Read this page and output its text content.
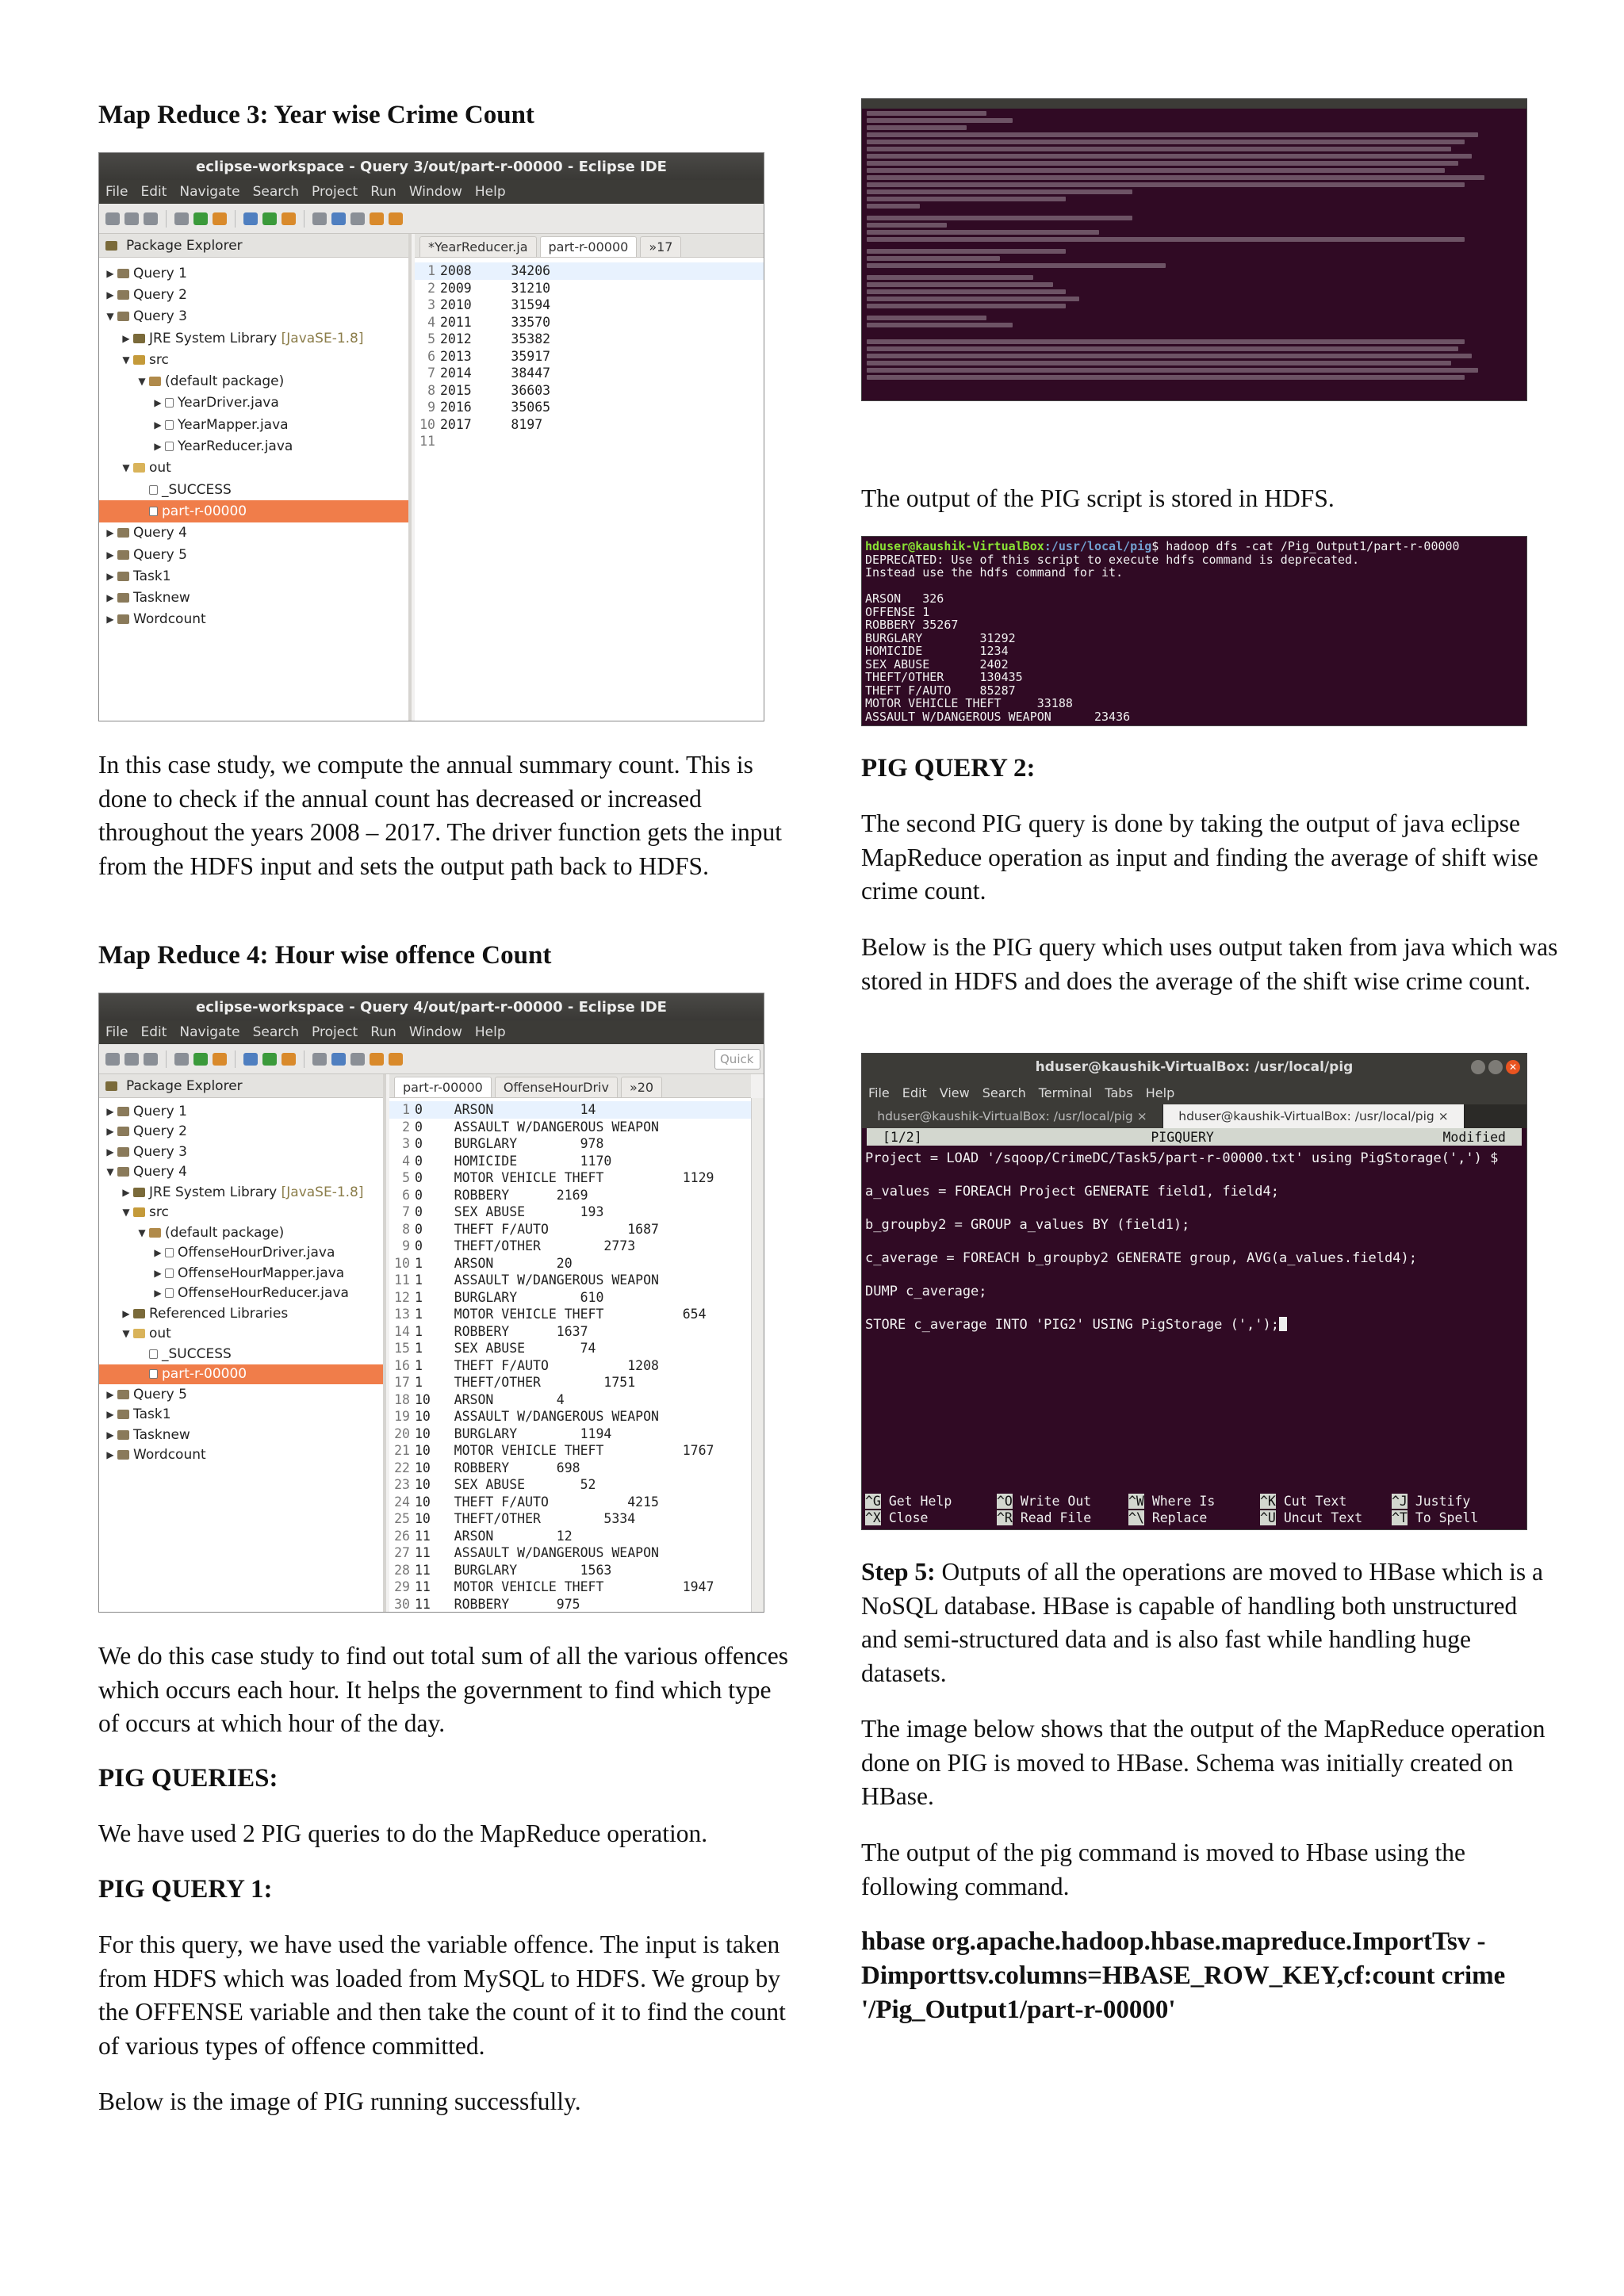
Map Reduce 3: Year wise Crime Count
eclipse-workspace - Query 3/out/part-r-00000 - Eclipse IDE
File Edit Navigate Search Project Run Window Help
Package Explorer
▶ Query 1
▶ Query 2
▼ Query 3
▶ JRE System Library
[JavaSE-1.8]
▼ src
▼ (default package)
▶ YearDriver.java
▶ YearMapper.java
▶ YearReducer.java
▼ out
_SUCCESS
part-r-00000
▶ Query 4
▶ Query 5
▶ Task1
▶ Tasknew
▶ Wordcount
*YearReducer.ja	part-r-00000	»17
1 2008     34206
2 2009     31210
3 2010     31594
4 2011     33570
5 2012     35382
6 2013     35917
7 2014     38447
8 2015     36603
9 2016     35065
10 2017     8197
11

In this case study, we compute the annual summary count. This is done to check if the annual count has decreased or increased throughout the years 2008 – 2017. The driver function gets the input from the HDFS input and sets the output path back to HDFS.
Map Reduce 4: Hour wise offence Count
eclipse-workspace - Query 4/out/part-r-00000 - Eclipse IDE
File Edit Navigate Search Project Run Window Help
Quick
Package Explorer
▶ Query 1
▶ Query 2
▶ Query 3
▼ Query 4
▶ JRE System Library
[JavaSE-1.8]
▼ src
▼ (default package)
▶ OffenseHourDriver.java
▶ OffenseHourMapper.java
▶ OffenseHourReducer.java
▶ Referenced Libraries
▼ out
_SUCCESS
part-r-00000
▶ Query 5
▶ Task1
▶ Tasknew
▶ Wordcount
part-r-00000	OffenseHourDriv	»20
1 0    ARSON           14
2 0    ASSAULT W/DANGEROUS WEAPON
3 0    BURGLARY        978
4 0    HOMICIDE        1170
5 0    MOTOR VEHICLE THEFT          1129
6 0    ROBBERY      2169
7 0    SEX ABUSE       193
8 0    THEFT F/AUTO          1687
9 0    THEFT/OTHER        2773
10 1    ARSON        20
11 1    ASSAULT W/DANGEROUS WEAPON
12 1    BURGLARY        610
13 1    MOTOR VEHICLE THEFT          654
14 1    ROBBERY      1637
15 1    SEX ABUSE       74
16 1    THEFT F/AUTO          1208
17 1    THEFT/OTHER        1751
18 10   ARSON        4
19 10   ASSAULT W/DANGEROUS WEAPON
20 10   BURGLARY        1194
21 10   MOTOR VEHICLE THEFT          1767
22 10   ROBBERY      698
23 10   SEX ABUSE       52
24 10   THEFT F/AUTO          4215
25 10   THEFT/OTHER        5334
26 11   ARSON        12
27 11   ASSAULT W/DANGEROUS WEAPON
28 11   BURGLARY        1563
29 11   MOTOR VEHICLE THEFT          1947
30 11   ROBBERY      975
We do this case study to find out total sum of all the various offences which occurs each hour. It helps the government to find which type of occurs at which hour of the day.
PIG QUERIES:
We have used 2 PIG queries to do the MapReduce operation.
PIG QUERY 1:
For this query, we have used the variable offence. The input is taken from HDFS which was loaded from MySQL to HDFS. We group by the OFFENSE variable and then take the count of it to find the count of various types of offence committed.
Below is the image of PIG running successfully.
The output of the PIG script is stored in HDFS.
hduser@kaushik-VirtualBox:/usr/local/pig$ hadoop dfs -cat /Pig_Output1/part-r-00000
DEPRECATED: Use of this script to execute hdfs command is deprecated.
Instead use the hdfs command for it.

ARSON   326
OFFENSE 1
ROBBERY 35267
BURGLARY        31292
HOMICIDE        1234
SEX ABUSE       2402
THEFT/OTHER     130435
THEFT F/AUTO    85287
MOTOR VEHICLE THEFT     33188
ASSAULT W/DANGEROUS WEAPON      23436
PIG QUERY 2:
The second PIG query is done by taking the output of java eclipse MapReduce operation as input and finding the average of shift wise crime count.
Below is the PIG query which uses output taken from java which was stored in HDFS and does the average of the shift wise crime count.
hduser@kaushik-VirtualBox: /usr/local/pig	✕
File Edit View Search Terminal Tabs Help
hduser@kaushik-VirtualBox: /usr/local/pig
×	hduser@kaushik-VirtualBox: /usr/local/pig
×
[1/2]	PIGQUERY	Modified
Project = LOAD '/sqoop/CrimeDC/Task5/part-r-00000.txt' using PigStorage(',') $

a_values = FOREACH Project GENERATE field1, field4;

b_groupby2 = GROUP a_values BY (field1);

c_average = FOREACH b_groupby2 GENERATE group, AVG(a_values.field4);

DUMP c_average;

STORE c_average INTO 'PIG2' USING PigStorage (',');
^G Get Help	^O Write Out	^W Where Is	^K Cut Text	^J Justify
^X Close	^R Read File	^\ Replace	^U Uncut Text	^T To Spell
Step 5: Outputs of all the operations are moved to HBase which is a NoSQL database. HBase is capable of handling both unstructured and semi-structured data and is also fast while handling huge datasets.
The image below shows that the output of the MapReduce operation done on PIG is moved to HBase. Schema was initially created on HBase.
The output of the pig command is moved to Hbase using the following command.
hbase org.apache.hadoop.hbase.mapreduce.ImportTsv -Dimporttsv.columns=HBASE_ROW_KEY,cf:count crime '/Pig_Output1/part-r-00000'
